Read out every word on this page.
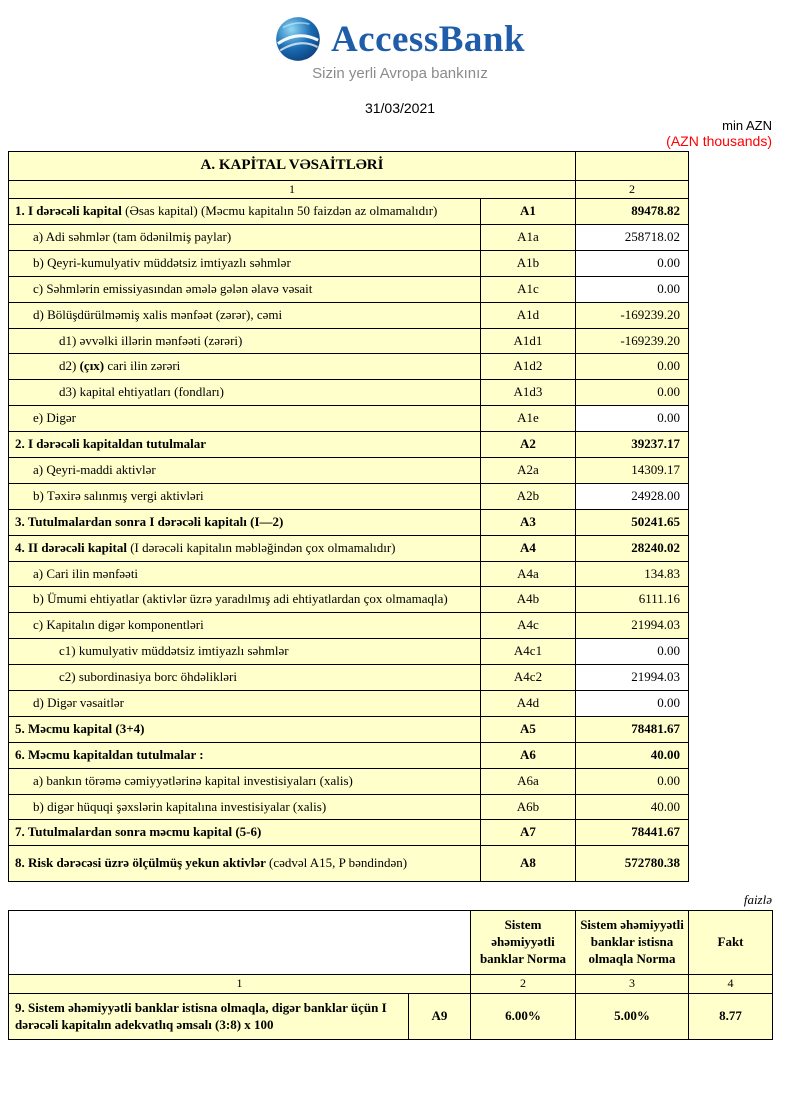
AccessBank
Sizin yerli Avropa bankınız
31/03/2021
min AZN
(AZN thousands)
A. KAPİTAL VƏSAİTLƏRİ		
1		2
1. I dərəcəli kapital (Əsas kapital) (Məcmu kapitalın 50 faizdən az olmamalıdır)	A1	89478.82
a) Adi səhmlər (tam ödənilmiş paylar)	A1a	258718.02
b) Qeyri-kumulyativ müddətsiz imtiyazlı səhmlər	A1b	0.00
c) Səhmlərin emissiyasından əmələ gələn əlavə vəsait	A1c	0.00
d) Bölüşdürülməmiş xalis mənfəət (zərər), cəmi	A1d	-169239.20
d1) əvvəlki illərin mənfəəti (zərəri)	A1d1	-169239.20
d2) (çıx) cari ilin zərəri	A1d2	0.00
d3) kapital ehtiyatları (fondları)	A1d3	0.00
e) Digər	A1e	0.00
2. I dərəcəli kapitaldan tutulmalar	A2	39237.17
a) Qeyri-maddi aktivlər	A2a	14309.17
b) Təxirə salınmış vergi aktivləri	A2b	24928.00
3. Tutulmalardan sonra I dərəcəli kapitalı (I—2)	A3	50241.65
4. II dərəcəli kapital (I dərəcəli kapitalın məbləğindən çox olmamalıdır)	A4	28240.02
a) Cari ilin mənfəəti	A4a	134.83
b) Ümumi ehtiyatlar (aktivlər üzrə yaradılmış adi ehtiyatlardan çox olmamaqla)	A4b	6111.16
c) Kapitalın digər komponentləri	A4c	21994.03
c1) kumulyativ müddətsiz imtiyazlı səhmlər	A4c1	0.00
c2) subordinasiya borc öhdəlikləri	A4c2	21994.03
d) Digər vəsaitlər	A4d	0.00
5. Məcmu kapital (3+4)	A5	78481.67
6. Məcmu kapitaldan tutulmalar :	A6	40.00
a) bankın törəmə cəmiyyətlərinə kapital investisiyaları (xalis)	A6a	0.00
b) digər hüquqi şəxslərin kapitalına investisiyalar (xalis)	A6b	40.00
7. Tutulmalardan sonra məcmu kapital (5-6)	A7	78441.67
8. Risk dərəcəsi üzrə ölçülmüş yekun aktivlər (cədvəl A15, P bəndindən)	A8	572780.38
faizlə
		Sistem əhəmiyyətli banklar Norma	Sistem əhəmiyyətli banklar istisna olmaqla Norma	Fakt
1		2	3	4
9. Sistem əhəmiyyətli banklar istisna olmaqla, digər banklar üçün I dərəcəli kapitalın adekvatlıq əmsalı (3:8) x 100	A9	6.00%	5.00%	8.77
